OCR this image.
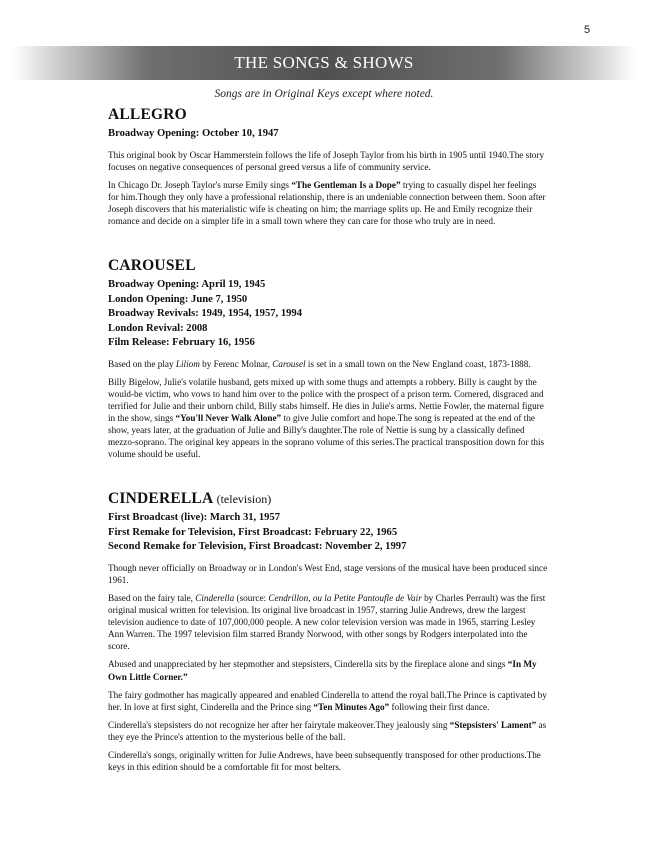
5
THE SONGS & SHOWS
Songs are in Original Keys except where noted.
ALLEGRO
Broadway Opening: October 10, 1947

This original book by Oscar Hammerstein follows the life of Joseph Taylor from his birth in 1905 until 1940.The story focuses on negative consequences of personal greed versus a life of community service.

In Chicago Dr. Joseph Taylor's nurse Emily sings “The Gentleman Is a Dope” trying to casually dispel her feelings for him.Though they only have a professional relationship, there is an undeniable connection between them. Soon after Joseph discovers that his materialistic wife is cheating on him; the marriage splits up. He and Emily recognize their romance and decide on a simpler life in a small town where they can care for those who truly are in need.

CAROUSEL
Broadway Opening: April 19, 1945
London Opening: June 7, 1950
Broadway Revivals: 1949, 1954, 1957, 1994
London Revival: 2008
Film Release: February 16, 1956

Based on the play Liliom by Ferenc Molnar, Carousel is set in a small town on the New England coast, 1873-1888.

Billy Bigelow, Julie's volatile husband, gets mixed up with some thugs and attempts a robbery. Billy is caught by the would-be victim, who vows to hand him over to the police with the prospect of a prison term. Cornered, disgraced and terrified for Julie and their unborn child, Billy stabs himself. He dies in Julie's arms. Nettie Fowler, the maternal figure in the show, sings “You'll Never Walk Alone” to give Julie comfort and hope.The song is repeated at the end of the show, years later, at the graduation of Julie and Billy's daughter.The role of Nettie is sung by a classically defined mezzo-soprano. The original key appears in the soprano volume of this series.The practical transposition down for this volume should be useful.

CINDERELLA (television)
First Broadcast (live): March 31, 1957
First Remake for Television, First Broadcast: February 22, 1965
Second Remake for Television, First Broadcast: November 2, 1997

Though never officially on Broadway or in London's West End, stage versions of the musical have been produced since 1961.

Based on the fairy tale, Cinderella (source: Cendrillon, ou la Petite Pantoufle de Vair by Charles Perrault) was the first original musical written for television. Its original live broadcast in 1957, starring Julie Andrews, drew the largest television audience to date of 107,000,000 people. A new color television version was made in 1965, starring Lesley Ann Warren. The 1997 television film starred Brandy Norwood, with other songs by Rodgers interpolated into the score.

Abused and unappreciated by her stepmother and stepsisters, Cinderella sits by the fireplace alone and sings “In My Own Little Corner.”

The fairy godmother has magically appeared and enabled Cinderella to attend the royal ball.The Prince is captivated by her. In love at first sight, Cinderella and the Prince sing “Ten Minutes Ago” following their first dance.

Cinderella's stepsisters do not recognize her after her fairytale makeover.They jealously sing “Stepsisters' Lament” as they eye the Prince's attention to the mysterious belle of the ball.

Cinderella's songs, originally written for Julie Andrews, have been subsequently transposed for other productions.The keys in this edition should be a comfortable fit for most belters.
